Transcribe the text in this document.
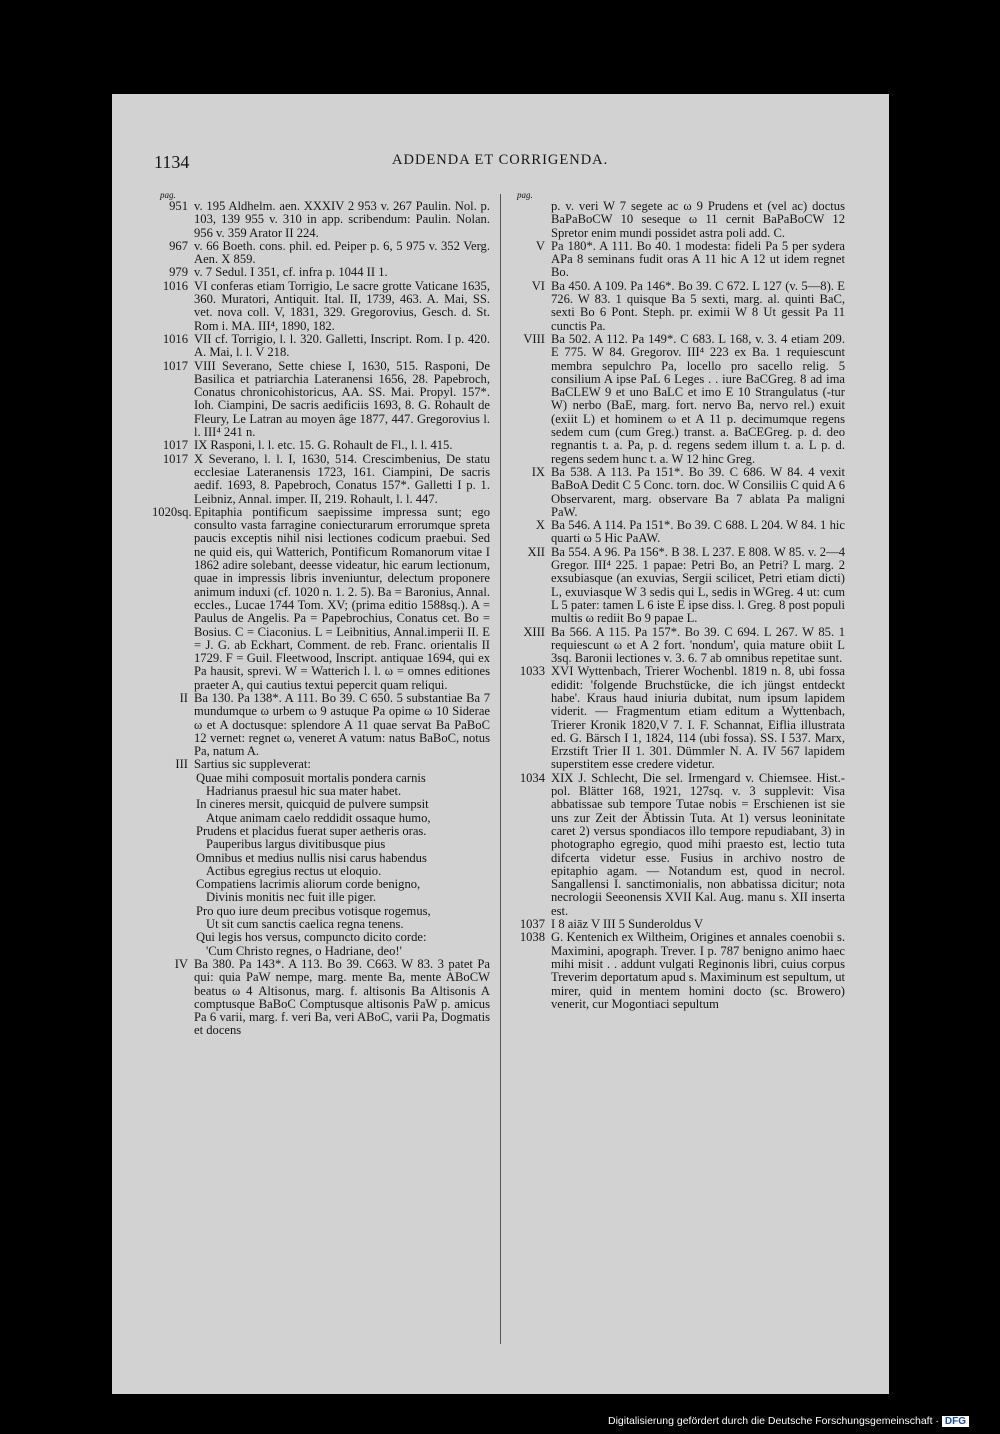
1134	ADDENDA ET CORRIGENDA.
pag.
951 v. 195 Aldhelm. aen. XXXIV 2 953 v. 267 Paulin. Nol. p. 103, 139 955 v. 310 in app. scribendum: Paulin. Nolan. 956 v. 359 Arator II 224.
967 v. 66 Boeth. cons. phil. ed. Peiper p. 6, 5 975 v. 352 Verg. Aen. X 859.
979 v. 7 Sedul. I 351, cf. infra p. 1044 II 1.
1016 VI conferas etiam Torrigio, Le sacre grotte Vaticane 1635, 360. Muratori, Antiquit. Ital. II, 1739, 463. A. Mai, SS. vet. nova coll. V, 1831, 329. Gregorovius, Gesch. d. St. Rom i. MA. III⁴, 1890, 182.
1016 VII cf. Torrigio, l. l. 320. Galletti, Inscript. Rom. I p. 420. A. Mai, l. l. V 218.
1017 VIII Severano, Sette chiese I, 1630, 515. Rasponi, De Basilica et patriarchia Lateranensi 1656, 28. Papebroch, Conatus chronicohistoricus, AA. SS. Mai. Propyl. 157*. Ioh. Ciampini, De sacris aedificiis 1693, 8. G. Rohault de Fleury, Le Latran au moyen âge 1877, 447. Gregorovius l. l. III⁴ 241 n.
1017 IX Rasponi, l. l. etc. 15. G. Rohault de Fl., l. l. 415.
1017 X Severano, l. l. I, 1630, 514. Crescimbenius, De statu ecclesiae Lateranensis 1723, 161. Ciampini, De sacris aedif. 1693, 8. Papebroch, Conatus 157*. Galletti I p. 1. Leibniz, Annal. imper. II, 219. Rohault, l. l. 447.
1020sq. Epitaphia pontificum saepissime impressa sunt; ego consulto vasta farragine coniecturarum errorumque spreta paucis exceptis nihil nisi lectiones codicum praebui. Sed ne quid eis, qui Watterich, Pontificum Romanorum vitae I 1862 adire solebant, deesse videatur, hic earum lectionum, quae in impressis libris inveniuntur, delectum proponere animum induxi (cf. 1020 n. 1. 2. 5). Ba = Baronius, Annal. eccles., Lucae 1744 Tom. XV; (prima editio 1588sq.). A = Paulus de Angelis. Pa = Papebrochius, Conatus cet. Bo = Bosius. C = Ciaconius. L = Leibnitius, Annal.imperii II. E = J. G. ab Eckhart, Comment. de reb. Franc. orientalis II 1729. F = Guil. Fleetwood, Inscript. antiquae 1694, qui ex Pa hausit, sprevi. W = Watterich l. l. ω = omnes editiones praeter A, qui cautius textui pepercit quam reliqui.
II Ba 130. Pa 138*. A 111. Bo 39. C 650. 5 substantiae Ba 7 mundumque ω urbem ω 9 astuque Pa opime ω 10 Siderae ω et A doctusque: splendore A 11 quae servat Ba PaBoC 12 vernet: regnet ω, veneret A vatum: natus BaBoC, notus Pa, natum A.
III Sartius sic suppleverat:
Quae mihi composuit mortalis pondera carnis
Hadrianus praesul hic sua mater habet.
In cineres mersit, quicquid de pulvere sumpsit
Atque animam caelo reddidit ossaque humo,
Prudens et placidus fuerat super aetheris oras.
Pauperibus largus divitibusque pius
Omnibus et medius nullis nisi carus habendus
Actibus egregius rectus ut eloquio.
Compatiens lacrimis aliorum corde benigno,
Divinis monitis nec fuit ille piger.
Pro quo iure deum precibus votisque rogemus,
Ut sit cum sanctis caelica regna tenens.
Qui legis hos versus, compuncto dicito corde:
'Cum Christo regnes, o Hadriane, deo!'
IV Ba 380. Pa 143*. A 113. Bo 39. C663. W 83. 3 patet Pa qui: quia PaW nempe, marg. mente Ba, mente ABoCW beatus ω 4 Altisonus, marg. f. altisonis Ba Altisonis A comptusque BaBoC Comptusque altisonis PaW p. amicus Pa 6 varii, marg. f. veri Ba, veri ABoC, varii Pa, Dogmatis et docens
pag.
p. v. veri W 7 segete ac ω 9 Prudens et (vel ac) doctus BaPaBoCW 10 seseque ω 11 cernit BaPaBoCW 12 Spretor enim mundi possidet astra poli add. C.
V Pa 180*. A 111. Bo 40. 1 modesta: fideli Pa 5 per sydera APa 8 seminans fudit oras A 11 hic A 12 ut idem regnet Bo.
VI Ba 450. A 109. Pa 146*. Bo 39. C 672. L 127 (v. 5—8). E 726. W 83. 1 quisque Ba 5 sexti, marg. al. quinti BaC, sexti Bo 6 Pont. Steph. pr. eximii W 8 Ut gessit Pa 11 cunctis Pa.
VIII Ba 502. A 112. Pa 149*. C 683. L 168, v. 3. 4 etiam 209. E 775. W 84. Gregorov. III⁴ 223 ex Ba. 1 requiescunt membra sepulchro Pa, locello pro sacello relig. 5 consilium A ipse PaL 6 Leges . . iure BaCGreg. 8 ad ima BaCLEW 9 et uno BaLC et imo E 10 Strangulatus (-tur W) nerbo (BaE, marg. fort. nervo Ba, nervo rel.) exuit (exiit L) et hominem ω et A 11 p. decimumque regens sedem cum (cum Greg.) transt. a. BaCEGreg. p. d. deo regnantis t. a. Pa, p. d. regens sedem illum t. a. L p. d. regens sedem hunc t. a. W 12 hinc Greg.
IX Ba 538. A 113. Pa 151*. Bo 39. C 686. W 84. 4 vexit BaBoA Dedit C 5 Conc. torn. doc. W Consiliis C quid A 6 Observarent, marg. observare Ba 7 ablata Pa maligni PaW.
X Ba 546. A 114. Pa 151*. Bo 39. C 688. L 204. W 84. 1 hic quarti ω 5 Hic PaAW.
XII Ba 554. A 96. Pa 156*. B 38. L 237. E 808. W 85. v. 2—4 Gregor. III⁴ 225. 1 papae: Petri Bo, an Petri? L marg. 2 exsubiasque (an exuvias, Sergii scilicet, Petri etiam dicti) L, exuviasque W 3 sedis qui L, sedis in WGreg. 4 ut: cum L 5 pater: tamen L 6 iste E ipse diss. l. Greg. 8 post populi multis ω rediit Bo 9 papae L.
XIII Ba 566. A 115. Pa 157*. Bo 39. C 694. L 267. W 85. 1 requiescunt ω et A 2 fort. 'nondum', quia mature obiit L 3sq. Baronii lectiones v. 3. 6. 7 ab omnibus repetitae sunt.
1033 XVI Wyttenbach, Trierer Wochenbl. 1819 n. 8, ubi fossa edidit: 'folgende Bruchstücke, die ich jüngst entdeckt habe'. Kraus haud iniuria dubitat, num ipsum lapidem viderit. — Fragmentum etiam editum a Wyttenbach, Trierer Kronik 1820,V 7. I. F. Schannat, Eiflia illustrata ed. G. Bärsch I 1, 1824, 114 (ubi fossa). SS. I 537. Marx, Erzstift Trier II 1. 301. Dümmler N. A. IV 567 lapidem superstitem esse credere videtur.
1034 XIX J. Schlecht, Die sel. Irmengard v. Chiemsee. Hist.-pol. Blätter 168, 1921, 127sq. v. 3 supplevit: Visa abbatissae sub tempore Tutae nobis = Erschienen ist sie uns zur Zeit der Äbtissin Tuta. At 1) versus leoninitate caret 2) versus spondiacos illo tempore repudiabant, 3) in photographo egregio, quod mihi praesto est, lectio tuta difcerta videtur esse. Fusius in archivo nostro de epitaphio agam. — Notandum est, quod in necrol. Sangallensi I. sanctimonialis, non abbatissa dicitur; nota necrologii Seeonensis XVII Kal. Aug. manu s. XII inserta est.
1037 I 8 aiāz V III 5 Sunderoldus V
1038 G. Kentenich ex Wiltheim, Origines et annales coenobii s. Maximini, apograph. Trever. I p. 787 benigno animo haec mihi misit . . addunt vulgati Reginonis libri, cuius corpus Treverim deportatum apud s. Maximinum est sepultum, ut mirer, quid in mentem homini docto (sc. Browero) venerit, cur Mogontiaci sepultum
Digitalisierung gefördert durch die Deutsche Forschungsgemeinschaft · DFG
